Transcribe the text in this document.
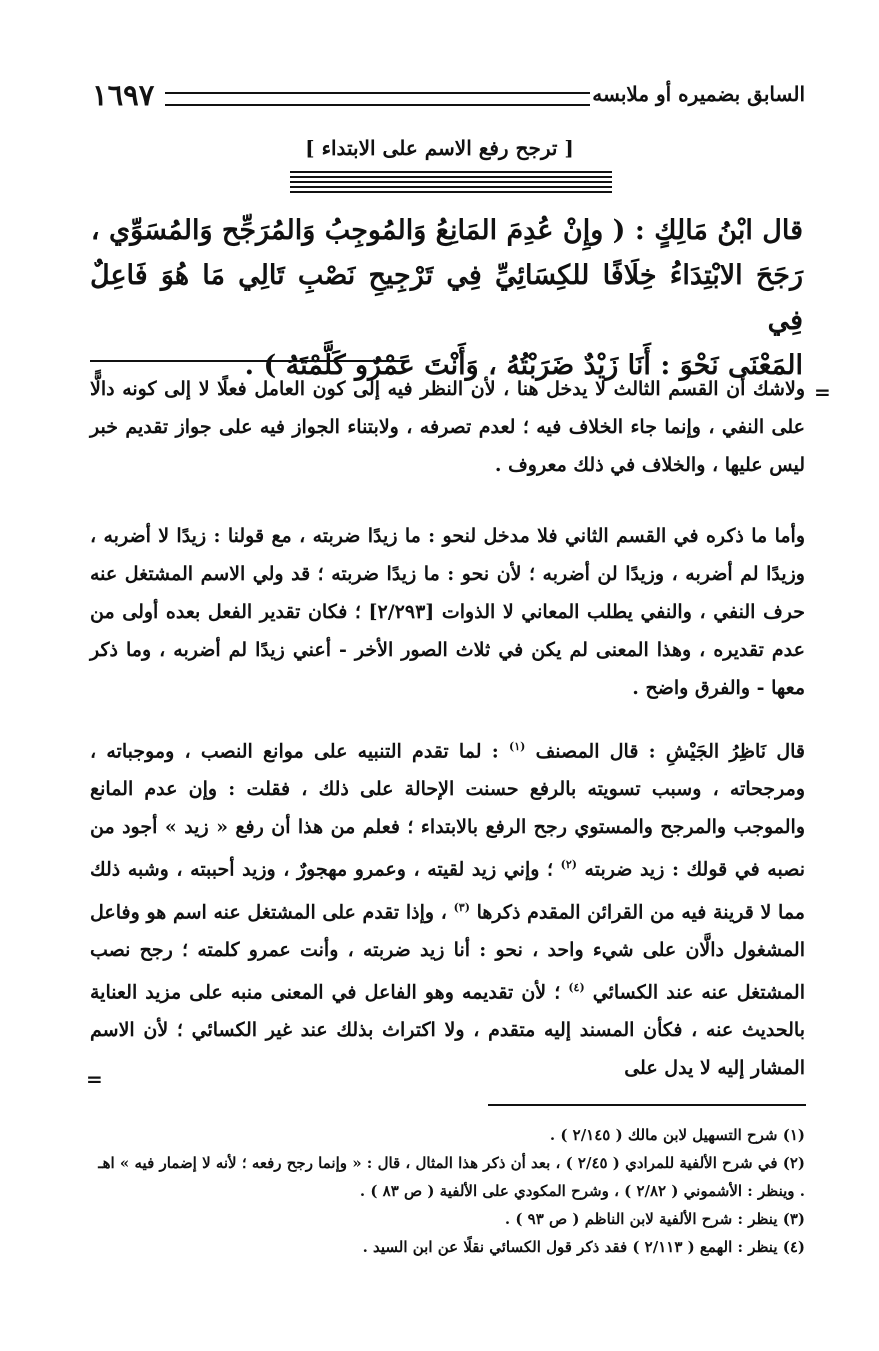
السابق بضميره أو ملابسه
١٦٩٧
[ ترجح رفع الاسم على الابتداء ]
قال ابْنُ مَالِكٍ : ( وإِنْ عُدِمَ المَانِعُ وَالمُوجِبُ وَالمُرَجِّح وَالمُسَوِّي ،
رَجَحَ الابْتِدَاءُ خِلَافًا للكِسَائِيِّ فِي تَرْجِيحِ نَصْبِ تَالِي مَا هُوَ فَاعِلٌ فِي
المَعْنَى نَحْوَ : أَنَا زَيْدٌ ضَرَبْتُهُ ، وَأَنْتَ عَمْرٌو كَلَّمْتَهُ ) .
=
ولاشك أن القسم الثالث لا يدخل هنا ، لأن النظر فيه إلى كون العامل فعلًا لا إلى كونه دالًّا على النفي ، وإنما جاء الخلاف فيه ؛ لعدم تصرفه ، ولابتناء الجواز فيه على جواز تقديم خبر ليس عليها ، والخلاف في ذلك معروف .
وأما ما ذكره في القسم الثاني فلا مدخل لنحو : ما زيدًا ضربته ، مع قولنا : زيدًا لا أضربه ، وزيدًا لم أضربه ، وزيدًا لن أضربه ؛ لأن نحو : ما زيدًا ضربته ؛ قد ولي الاسم المشتغل عنه حرف النفي ، والنفي يطلب المعاني لا الذوات [٢/٢٩٣] ؛ فكان تقدير الفعل بعده أولى من عدم تقديره ، وهذا المعنى لم يكن في ثلاث الصور الأخر - أعني زيدًا لم أضربه ، وما ذكر معها - والفرق واضح .
قال نَاظِرُ الجَيْشِ : قال المصنف $^{(١)}$ : لما تقدم التنبيه على موانع النصب ، وموجباته ، ومرجحاته ، وسبب تسويته بالرفع حسنت الإحالة على ذلك ، فقلت : وإن عدم المانع والموجب والمرجح والمستوي رجح الرفع بالابتداء ؛ فعلم من هذا أن رفع « زيد » أجود من نصبه في قولك : زيد ضربته $^{(٢)}$ ؛ وإني زيد لقيته ، وعمرو مهجورٌ ، وزيد أحببته ، وشبه ذلك مما لا قرينة فيه من القرائن المقدم ذكرها $^{(٣)}$ ، وإذا تقدم على المشتغل عنه اسم هو وفاعل المشغول دالَّان على شيء واحد ، نحو : أنا زيد ضربته ، وأنت عمرو كلمته ؛ رجح نصب المشتغل عنه عند الكسائي $^{(٤)}$ ؛ لأن تقديمه وهو الفاعل في المعنى منبه على مزيد العناية بالحديث عنه ، فكأن المسند إليه متقدم ، ولا اكتراث بذلك عند غير الكسائي ؛ لأن الاسم المشار إليه لا يدل على
=

(١) شرح التسهيل لابن مالك ( ٢/١٤٥ ) .

(٢) في شرح الألفية للمرادي ( ٢/٤٥ ) ، بعد أن ذكر هذا المثال ، قال : « وإنما رجح رفعه ؛ لأنه لا إضمار فيه » اهـ . وينظر : الأشموني ( ٢/٨٢ ) ، وشرح المكودي على الألفية ( ص ٨٣ ) .

(٣) ينظر : شرح الألفية لابن الناظم ( ص ٩٣ ) .

(٤) ينظر : الهمع ( ٢/١١٣ ) فقد ذكر قول الكسائي نقلًا عن ابن السيد .
